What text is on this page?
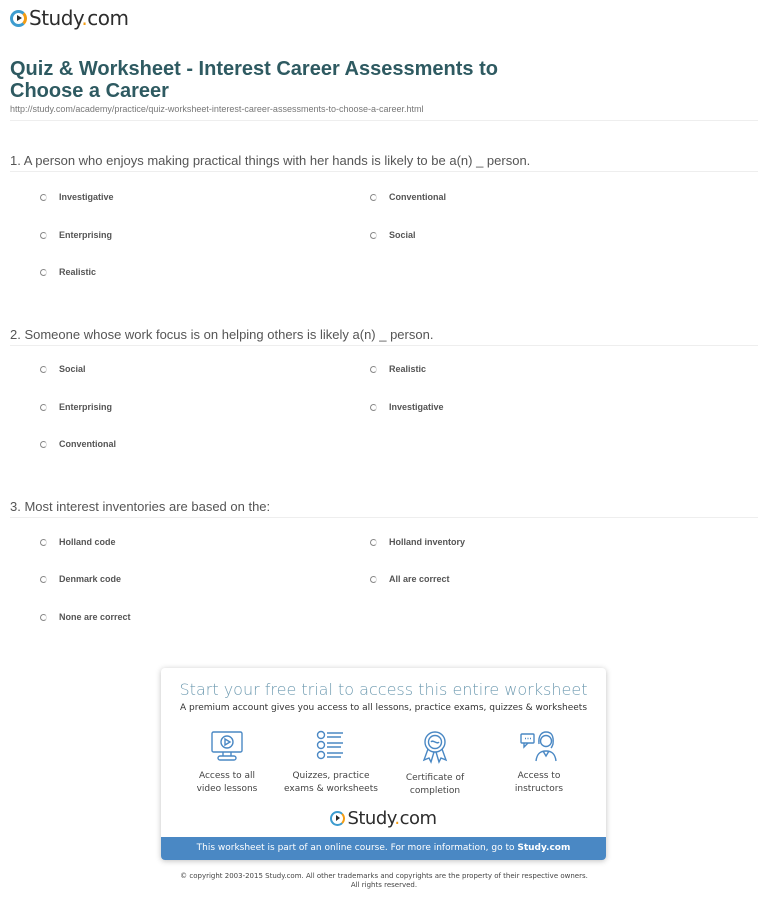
Study.com
Quiz & Worksheet - Interest Career Assessments to
Choose a Career
http://study.com/academy/practice/quiz-worksheet-interest-career-assessments-to-choose-a-career.html
1. A person who enjoys making practical things with her hands is likely to be a(n) _ person.
Investigative	Conventional
Enterprising	Social
Realistic
2. Someone whose work focus is on helping others is likely a(n) _ person.
Social	Realistic
Enterprising	Investigative
Conventional
3. Most interest inventories are based on the:
Holland code	Holland inventory
Denmark code	All are correct
None are correct
Start your free trial to access this entire worksheet
A premium account gives you access to all lessons, practice exams, quizzes & worksheets
Access to all
video lessons
Quizzes, practice
exams & worksheets
Certificate of
completion
Access to
instructors
Study.com
This worksheet is part of an online course. For more information, go to Study.com
© copyright 2003-2015 Study.com. All other trademarks and copyrights are the property of their respective owners.
All rights reserved.
